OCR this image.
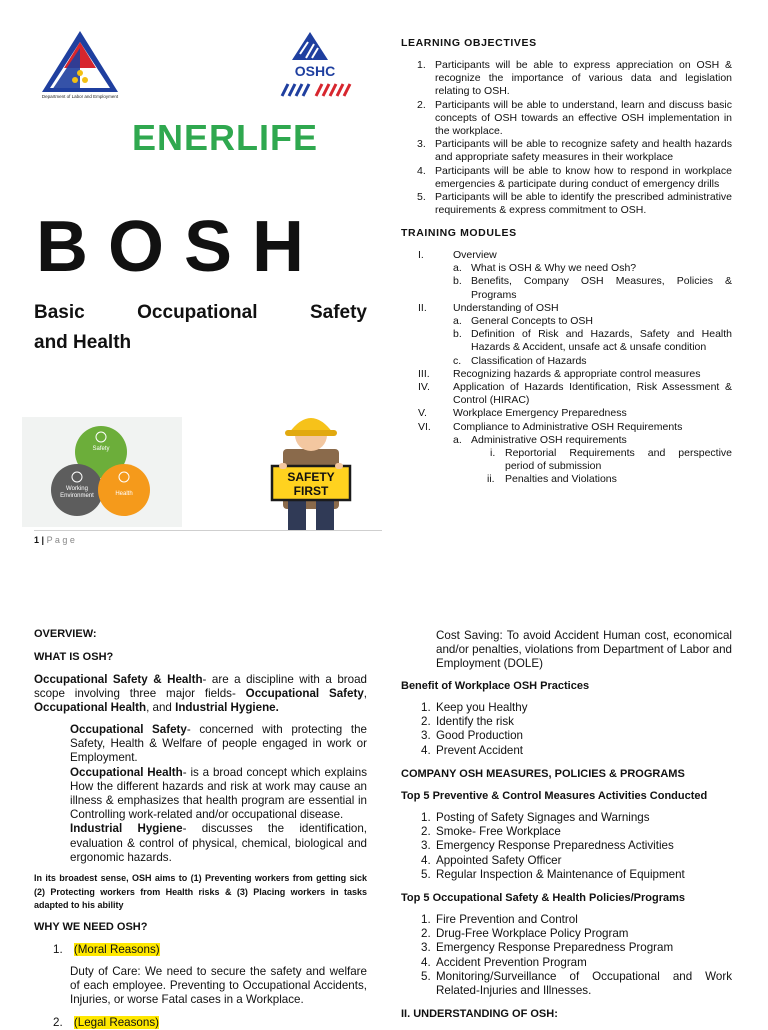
Department of Labor and Employment
OSHC
ENERLIFE
B O S H
Basic Occupational Safety
and Health
Safety
Working
Environment	Health
SAFETY
FIRST
1 | P a g e
LEARNING OBJECTIVES
1. Participants will be able to express appreciation on OSH & recognize the importance of various data and legislation relating to OSH.
2. Participants will be able to understand, learn and discuss basic concepts of OSH towards an effective OSH implementation in the workplace.
3. Participants will be able to recognize safety and health hazards and appropriate safety measures in their workplace
4. Participants will be able to know how to respond in workplace emergencies & participate during conduct of emergency drills
5. Participants will be able to identify the prescribed administrative requirements & express commitment to OSH.
TRAINING MODULES
I.	Overview
a. What is OSH & Why we need Osh?
b. Benefits, Company OSH Measures, Policies & Programs
II. Understanding of OSH
a. General Concepts to OSH
b. Definition of Risk and Hazards, Safety and Health Hazards & Accident, unsafe act & unsafe condition
c. Classification of Hazards
III. Recognizing hazards & appropriate control measures
IV. Application of Hazards Identification, Risk Assessment & Control (HIRAC)
V. Workplace Emergency Preparedness
VI. Compliance to Administrative OSH Requirements
a. Administrative OSH requirements
i. Reportorial Requirements and perspective period of submission
ii. Penalties and Violations
OVERVIEW:
WHAT IS OSH?
Occupational Safety & Health- are a discipline with a broad scope involving three major fields- Occupational Safety, Occupational Health, and Industrial Hygiene.
Occupational Safety- concerned with protecting the Safety, Health & Welfare of people engaged in work or Employment.
Occupational Health- is a broad concept which explains How the different hazards and risk at work may cause an illness & emphasizes that health program are essential in Controlling work-related and/or occupational disease.
Industrial Hygiene- discusses the identification, evaluation & control of physical, chemical, biological and ergonomic hazards.
In its broadest sense, OSH aims to (1) Preventing workers from getting sick (2) Protecting workers from Health risks & (3) Placing workers in tasks adapted to his ability
WHY WE NEED OSH?
1. (Moral Reasons)
Duty of Care: We need to secure the safety and welfare of each employee. Preventing to Occupational Accidents, Injuries, or worse Fatal cases in a Workplace.
2. (Legal Reasons)
Cost Saving: To avoid Accident Human cost, economical and/or penalties, violations from Department of Labor and Employment (DOLE)
Benefit of Workplace OSH Practices
1. Keep you Healthy
2. Identify the risk
3. Good Production
4. Prevent Accident
COMPANY OSH MEASURES, POLICIES & PROGRAMS
Top 5 Preventive & Control Measures Activities Conducted
1. Posting of Safety Signages and Warnings
2. Smoke- Free Workplace
3. Emergency Response Preparedness Activities
4. Appointed Safety Officer
5. Regular Inspection & Maintenance of Equipment
Top 5 Occupational Safety & Health Policies/Programs
1. Fire Prevention and Control
2. Drug-Free Workplace Policy Program
3. Emergency Response Preparedness Program
4. Accident Prevention Program
5. Monitoring/Surveillance of Occupational and Work Related-Injuries and Illnesses.
II. UNDERSTANDING OF OSH:
